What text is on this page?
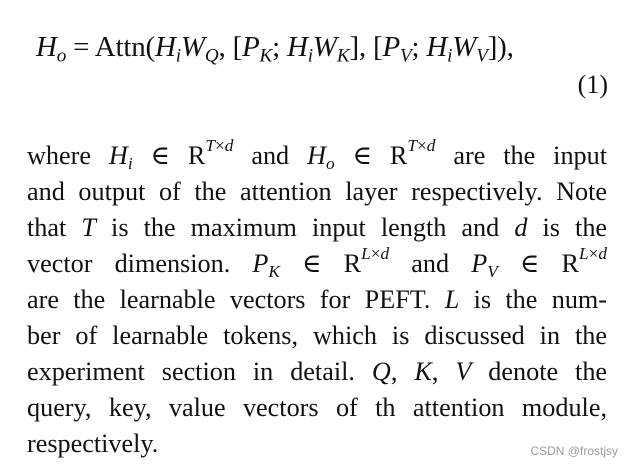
$H_o$ = $Attn(H_iW_Q$, [$P_K$; $H_iW_K$], [$P_V$; $H_iW_V$]),
(1)
where $H_i$ ∈ $R^{T\times d}$ and $H_o$ ∈ $R^{T\times d}$ are the input
and output of the attention layer respectively. Note
that T is the maximum input length and d is the
vector dimension. $P_K$ ∈ $R^{L\times d}$ and $P_V$ ∈ $R^{L\times d}$
are the learnable vectors for PEFT. L is the num-
ber of learnable tokens, which is discussed in the
experiment section in detail. Q, K, V denote the
query, key, value vectors of th attention module,
respectively.	CSDN @frostjsy
